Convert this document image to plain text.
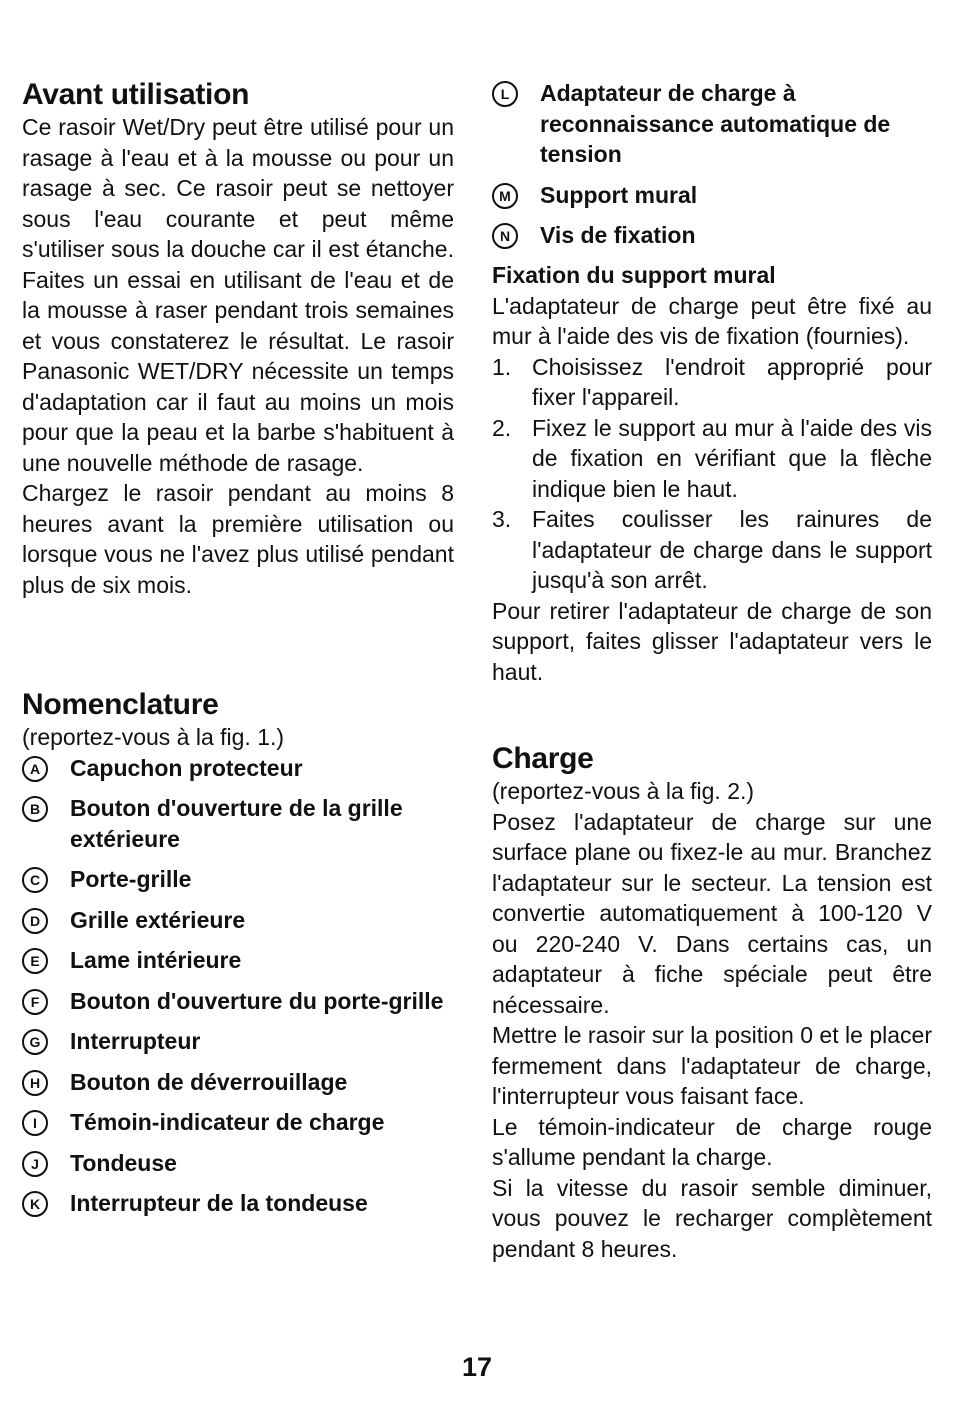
Avant utilisation

Ce rasoir Wet/Dry peut être utilisé pour un rasage à l'eau et à la mousse ou pour un rasage à sec. Ce rasoir peut se nettoyer sous l'eau courante et peut même s'utiliser sous la douche car il est étanche. Faites un essai en utilisant de l'eau et de la mousse à raser pendant trois semaines et vous constaterez le résultat. Le rasoir Panasonic WET/DRY nécessite un temps d'adaptation car il faut au moins un mois pour que la peau et la barbe s'habituent à une nouvelle méthode de rasage.

Chargez le rasoir pendant au moins 8 heures avant la première utilisation ou lorsque vous ne l'avez plus utilisé pendant plus de six mois.

Nomenclature
(reportez-vous à la fig. 1.)
A	Capuchon protecteur
B	Bouton d'ouverture de la grille extérieure
C	Porte-grille
D	Grille extérieure
E	Lame intérieure
F	Bouton d'ouverture du porte-grille
G	Interrupteur
H	Bouton de déverrouillage
I	Témoin-indicateur de charge
J	Tondeuse
K	Interrupteur de la tondeuse
L	Adaptateur de charge à reconnaissance automatique de tension
M	Support mural
N	Vis de fixation
Fixation du support mural

L'adaptateur de charge peut être fixé au mur à l'aide des vis de fixation (fournies).

1. Choisissez l'endroit approprié pour fixer l'appareil.
2. Fixez le support au mur à l'aide des vis de fixation en vérifiant que la flèche indique bien le haut.
3. Faites coulisser les rainures de l'adaptateur de charge dans le support jusqu'à son arrêt.

Pour retirer l'adaptateur de charge de son support, faites glisser l'adaptateur vers le haut.

Charge
(reportez-vous à la fig. 2.)

Posez l'adaptateur de charge sur une surface plane ou fixez-le au mur. Branchez l'adaptateur sur le secteur. La tension est convertie automatiquement à 100-120 V ou 220-240 V. Dans certains cas, un adaptateur à fiche spéciale peut être nécessaire.

Mettre le rasoir sur la position 0 et le placer fermement dans l'adaptateur de charge, l'interrupteur vous faisant face.

Le témoin-indicateur de charge rouge s'allume pendant la charge.

Si la vitesse du rasoir semble diminuer, vous pouvez le recharger complètement pendant 8 heures.

17
